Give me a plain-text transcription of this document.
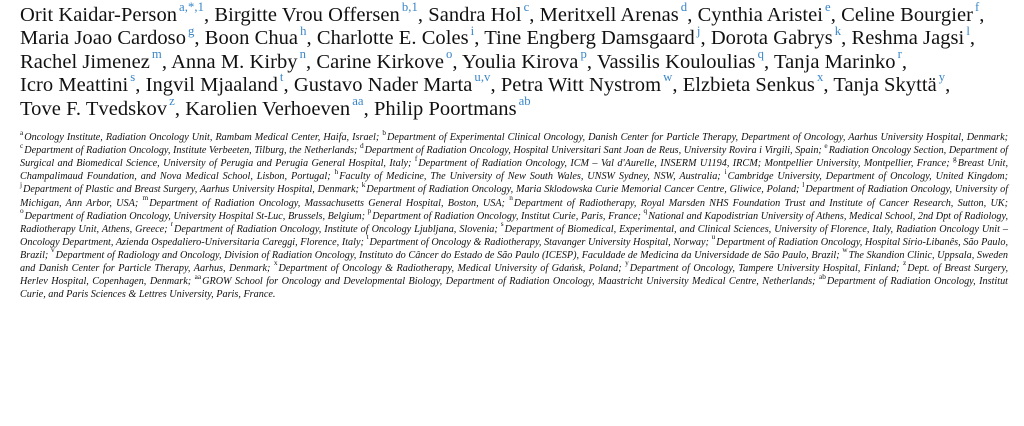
Orit Kaidar-Person $^{a,*,1}$, Birgitte Vrou Offersen $^{b,1}$, Sandra Hol $^c$, Meritxell Arenas $^d$, Cynthia Aristei $^e$, Celine Bourgier $^f$, Maria Joao Cardoso $^g$, Boon Chua $^h$, Charlotte E. Coles $^i$, Tine Engberg Damsgaard $^j$, Dorota Gabrys $^k$, Reshma Jagsi $^l$, Rachel Jimenez $^m$, Anna M. Kirby $^n$, Carine Kirkove $^o$, Youlia Kirova $^p$, Vassilis Kouloulias $^q$, Tanja Marinko $^r$, Icro Meattini $^s$, Ingvil Mjaaland $^t$, Gustavo Nader Marta $^{u,v}$, Petra Witt Nystrom $^w$, Elzbieta Senkus $^x$, Tanja Skyttä $^y$, Tove F. Tvedskov $^z$, Karolien Verhoeven $^{aa}$, Philip Poortmans $^{ab}$
$^a$Oncology Institute, Radiation Oncology Unit, Rambam Medical Center, Haifa, Israel; $^b$Department of Experimental Clinical Oncology, Danish Center for Particle Therapy, Department of Oncology, Aarhus University Hospital, Denmark; $^c$Department of Radiation Oncology, Institute Verbeeten, Tilburg, the Netherlands; $^d$Department of Radiation Oncology, Hospital Universitari Sant Joan de Reus, University Rovira i Virgili, Spain; $^e$Radiation Oncology Section, Department of Surgical and Biomedical Science, University of Perugia and Perugia General Hospital, Italy; $^f$Department of Radiation Oncology, ICM – Val d'Aurelle, INSERM U1194, IRCM; Montpellier University, Montpellier, France; $^g$Breast Unit, Champalimaud Foundation, and Nova Medical School, Lisbon, Portugal; $^h$Faculty of Medicine, The University of New South Wales, UNSW Sydney, NSW, Australia; $^i$Cambridge University, Department of Oncology, United Kingdom; $^j$Department of Plastic and Breast Surgery, Aarhus University Hospital, Denmark; $^k$Department of Radiation Oncology, Maria Sklodowska Curie Memorial Cancer Centre, Gliwice, Poland; $^l$Department of Radiation Oncology, University of Michigan, Ann Arbor, USA; $^m$Department of Radiation Oncology, Massachusetts General Hospital, Boston, USA; $^n$Department of Radiotherapy, Royal Marsden NHS Foundation Trust and Institute of Cancer Research, Sutton, UK; $^o$Department of Radiation Oncology, University Hospital St-Luc, Brussels, Belgium; $^p$Department of Radiation Oncology, Institut Curie, Paris, France; $^q$National and Kapodistrian University of Athens, Medical School, 2nd Dpt of Radiology, Radiotherapy Unit, Athens, Greece; $^r$Department of Radiation Oncology, Institute of Oncology Ljubljana, Slovenia; $^s$Department of Biomedical, Experimental, and Clinical Sciences, University of Florence, Italy, Radiation Oncology Unit – Oncology Department, Azienda Ospedaliero-Universitaria Careggi, Florence, Italy; $^t$Department of Oncology & Radiotherapy, Stavanger University Hospital, Norway; $^u$Department of Radiation Oncology, Hospital Sírio-Libanês, São Paulo, Brazil; $^v$Department of Radiology and Oncology, Division of Radiation Oncology, Instituto do Câncer do Estado de São Paulo (ICESP), Faculdade de Medicina da Universidade de São Paulo, Brazil; $^w$The Skandion Clinic, Uppsala, Sweden and Danish Center for Particle Therapy, Aarhus, Denmark; $^x$Department of Oncology & Radiotherapy, Medical University of Gdańsk, Poland; $^y$Department of Oncology, Tampere University Hospital, Finland; $^z$Dept. of Breast Surgery, Herlev Hospital, Copenhagen, Denmark; $^{aa}$GROW School for Oncology and Developmental Biology, Department of Radiation Oncology, Maastricht University Medical Centre, Netherlands; $^{ab}$Department of Radiation Oncology, Institut Curie, and Paris Sciences & Lettres University, Paris, France.
